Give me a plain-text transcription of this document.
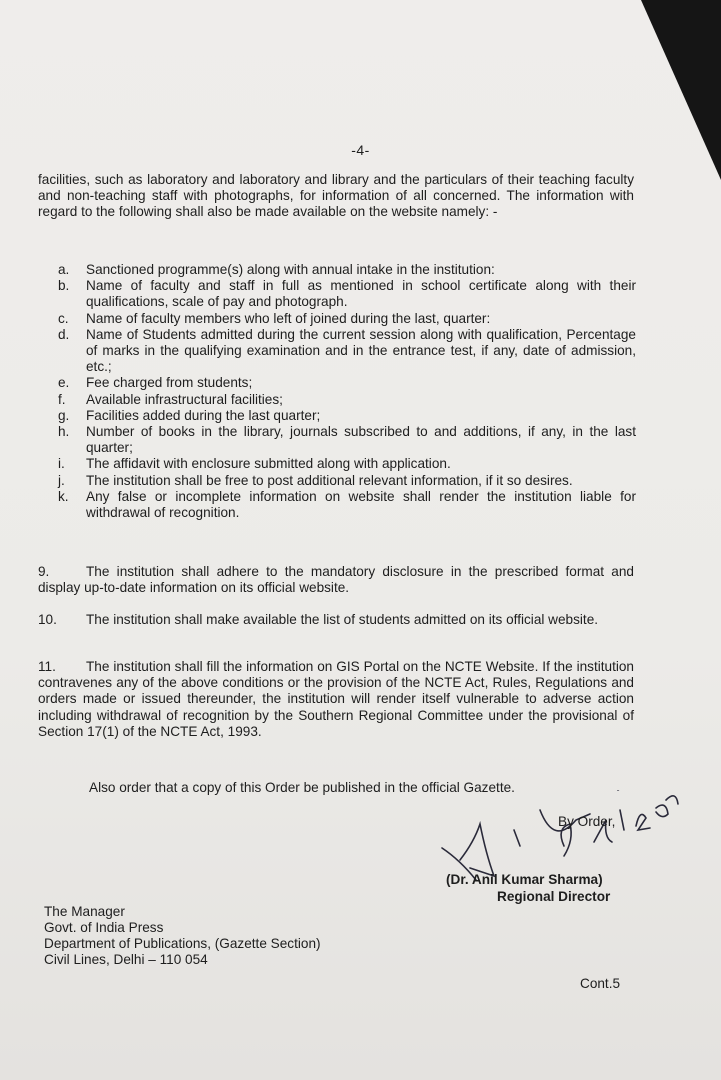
-4-
facilities, such as laboratory and laboratory and library and the particulars of their teaching faculty and non-teaching staff with photographs, for information of all concerned. The information with regard to the following shall also be made available on the website namely: -
a.	Sanctioned programme(s) along with annual intake in the institution:
b.	Name of faculty and staff in full as mentioned in school certificate along with their qualifications, scale of pay and photograph.
c.	Name of faculty members who left of joined during the last, quarter:
d.	Name of Students admitted during the current session along with qualification, Percentage of marks in the qualifying examination and in the entrance test, if any, date of admission, etc.;
e.	Fee charged from students;
f.	Available infrastructural facilities;
g.	Facilities added during the last quarter;
h.	Number of books in the library, journals subscribed to and additions, if any, in the last quarter;
i.	The affidavit with enclosure submitted along with application.
j.	The institution shall be free to post additional relevant information, if it so desires.
k.	Any false or incomplete information on website shall render the institution liable for withdrawal of recognition.
9.	The institution shall adhere to the mandatory disclosure in the prescribed format and display up-to-date information on its official website.
10. The institution shall make available the list of students admitted on its official website.
11. The institution shall fill the information on GIS Portal on the NCTE Website. If the institution contravenes any of the above conditions or the provision of the NCTE Act, Rules, Regulations and orders made or issued thereunder, the institution will render itself vulnerable to adverse action including withdrawal of recognition by the Southern Regional Committee under the provisional of Section 17(1) of the NCTE Act, 1993.
Also order that a copy of this Order be published in the official Gazette.
By Order,
(Dr. Anil Kumar Sharma)
Regional Director
The Manager
Govt. of India Press
Department of Publications, (Gazette Section)
Civil Lines, Delhi – 110 054
Cont.5
